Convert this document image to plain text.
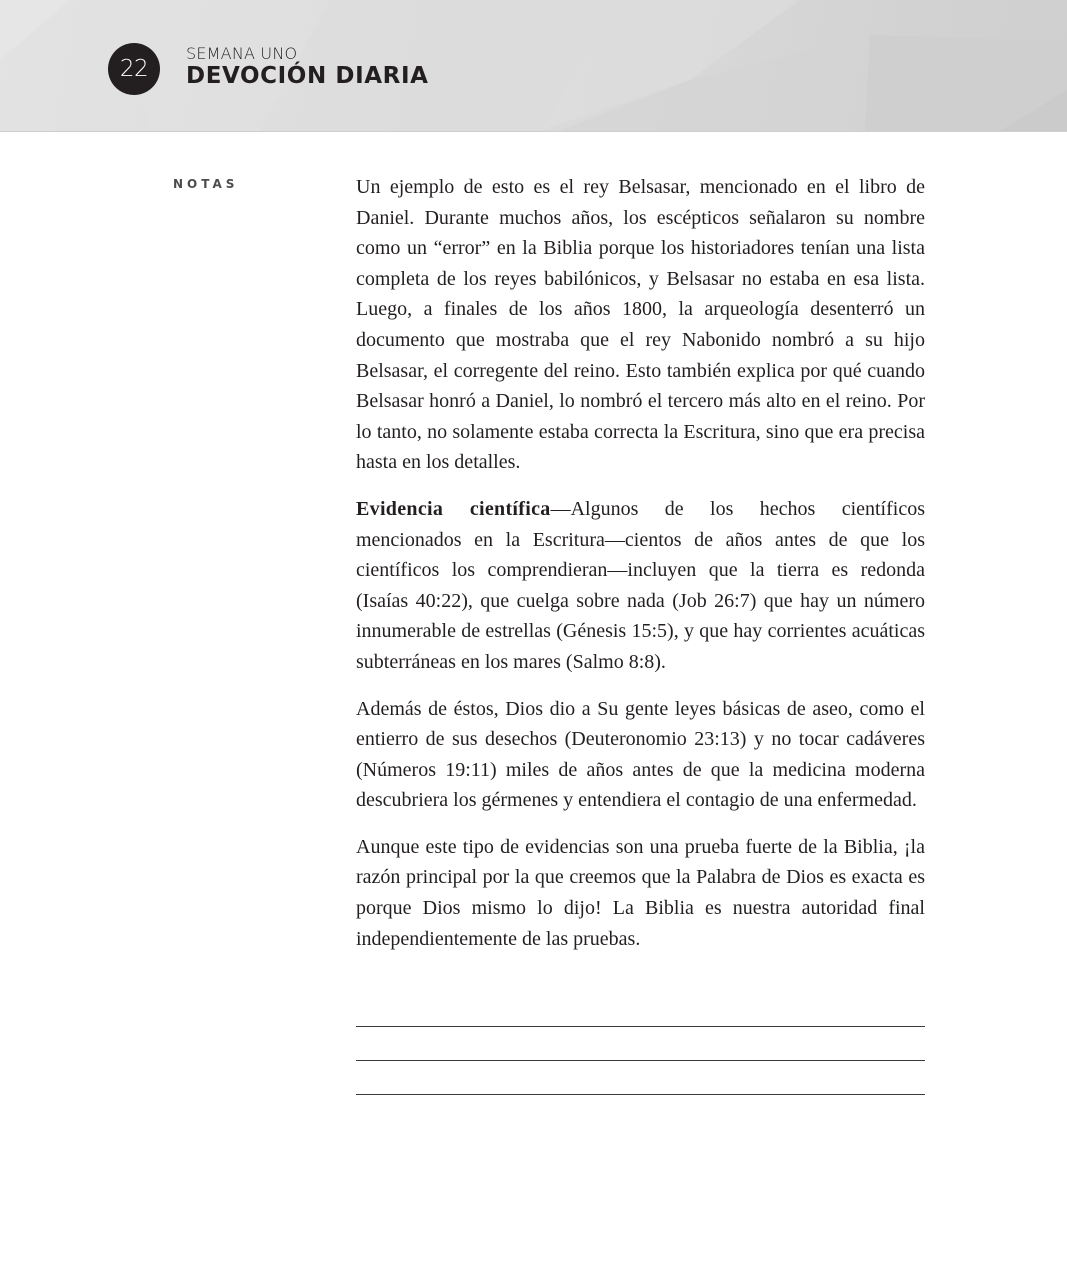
22
SEMANA UNO
DEVOCIÓN DIARIA
NOTAS	Un ejemplo de esto es el rey Belsasar, mencionado en el libro de Daniel. Durante muchos años, los escépticos señalaron su nombre como un “error” en la Biblia porque los historiadores tenían una lista completa de los reyes babilónicos, y Belsasar no estaba en esa lista. Luego, a finales de los años 1800, la arqueología desenterró un documento que mostraba que el rey Nabonido nombró a su hijo Belsasar, el corregente del reino. Esto también explica por qué cuando Belsasar honró a Daniel, lo nombró el tercero más alto en el reino. Por lo tanto, no solamente estaba correcta la Escritura, sino que era precisa hasta en los detalles.

Evidencia científica—Algunos de los hechos científicos mencionados en la Escritura—cientos de años antes de que los científicos los comprendieran—incluyen que la tierra es redonda (Isaías 40:22), que cuelga sobre nada (Job 26:7) que hay un número innumerable de estrellas (Génesis 15:5), y que hay corrientes acuáticas subterráneas en los mares (Salmo 8:8).

Además de éstos, Dios dio a Su gente leyes básicas de aseo, como el entierro de sus desechos (Deuteronomio 23:13) y no tocar cadáveres (Números 19:11) miles de años antes de que la medicina moderna descubriera los gérmenes y entendiera el contagio de una enfermedad.

Aunque este tipo de evidencias son una prueba fuerte de la Biblia, ¡la razón principal por la que creemos que la Palabra de Dios es exacta es porque Dios mismo lo dijo! La Biblia es nuestra autoridad final independientemente de las pruebas.
